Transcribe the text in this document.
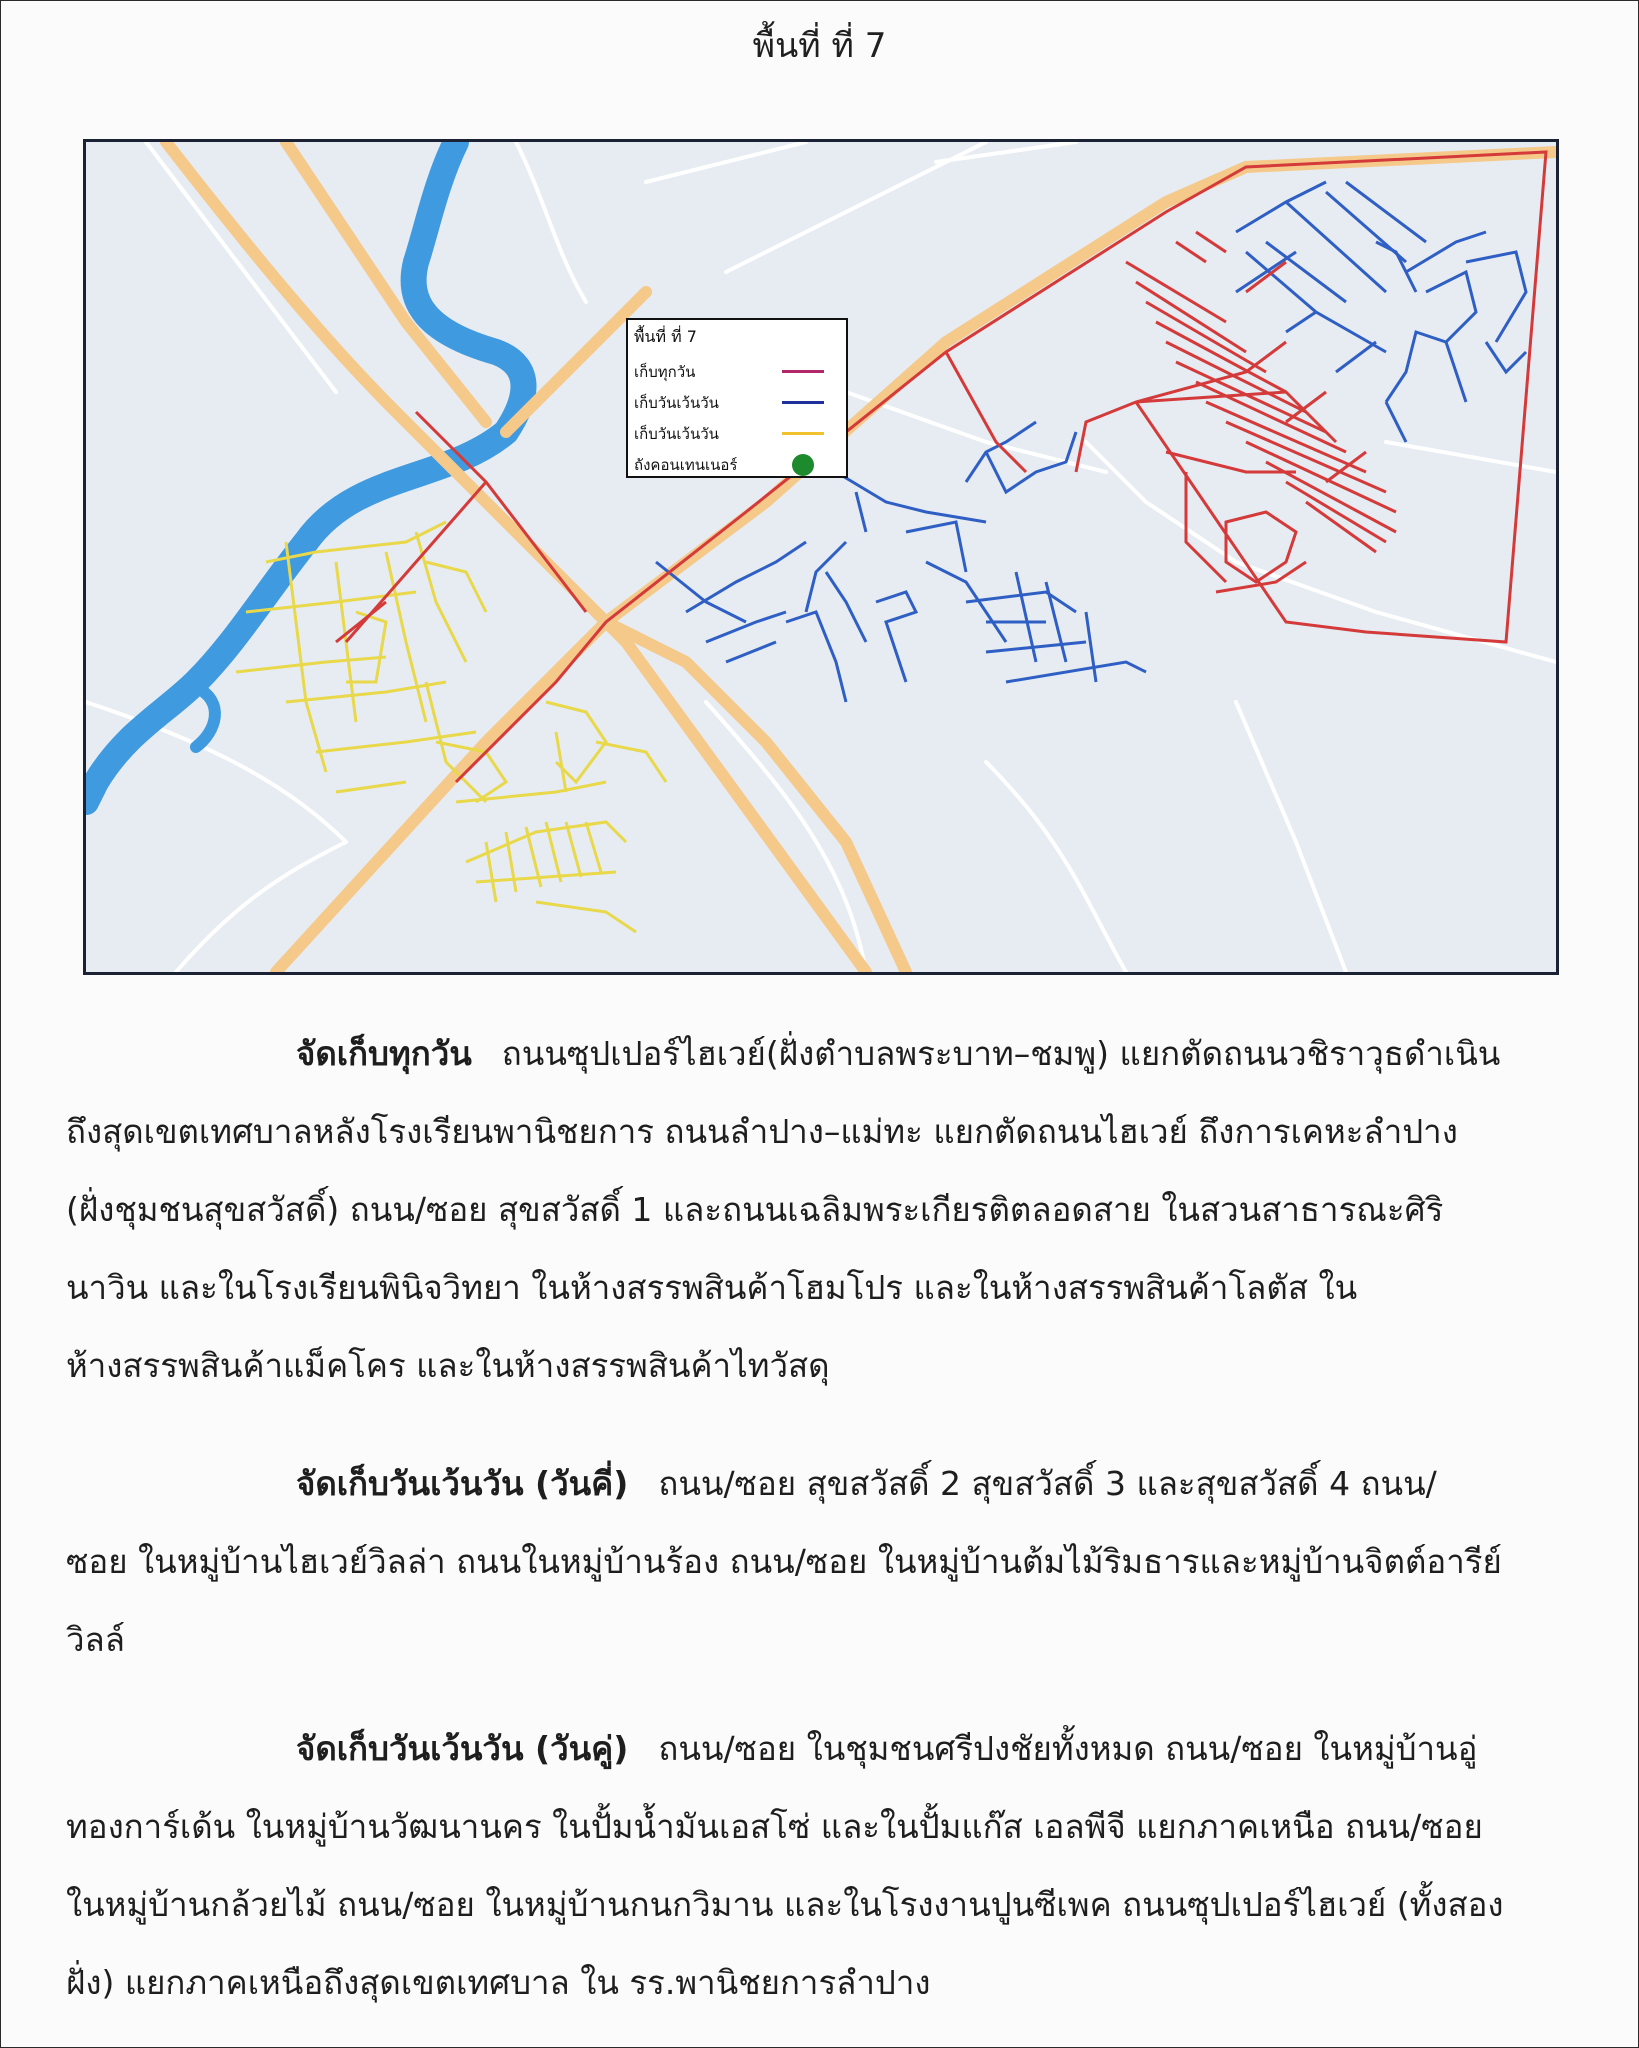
พื้นที่ ที่ 7
พื้นที่ ที่ 7
เก็บทุกวัน
เก็บวันเว้นวัน
เก็บวันเว้นวัน
ถังคอนเทนเนอร์
จัดเก็บทุกวัน ถนนซุปเปอร์ไฮเวย์(ฝั่งตำบลพระบาท–ชมพู) แยกตัดถนนวชิราวุธดำเนิน
ถึงสุดเขตเทศบาลหลังโรงเรียนพานิชยการ ถนนลำปาง–แม่ทะ แยกตัดถนนไฮเวย์ ถึงการเคหะลำปาง
(ฝั่งชุมชนสุขสวัสดิ์) ถนน/ซอย สุขสวัสดิ์ 1 และถนนเฉลิมพระเกียรติตลอดสาย ในสวนสาธารณะศิริ
นาวิน และในโรงเรียนพินิจวิทยา ในห้างสรรพสินค้าโฮมโปร และในห้างสรรพสินค้าโลตัส ใน
ห้างสรรพสินค้าแม็คโคร และในห้างสรรพสินค้าไทวัสดุ
จัดเก็บวันเว้นวัน (วันคี่) ถนน/ซอย สุขสวัสดิ์ 2 สุขสวัสดิ์ 3 และสุขสวัสดิ์ 4 ถนน/
ซอย ในหมู่บ้านไฮเวย์วิลล่า ถนนในหมู่บ้านร้อง ถนน/ซอย ในหมู่บ้านต้มไม้ริมธารและหมู่บ้านจิตต์อารีย์
วิลล์
จัดเก็บวันเว้นวัน (วันคู่) ถนน/ซอย ในชุมชนศรีปงชัยทั้งหมด ถนน/ซอย ในหมู่บ้านอู่
ทองการ์เด้น ในหมู่บ้านวัฒนานคร ในปั้มน้ำมันเอสโซ่ และในปั้มแก๊ส เอลพีจี แยกภาคเหนือ ถนน/ซอย
ในหมู่บ้านกล้วยไม้ ถนน/ซอย ในหมู่บ้านกนกวิมาน และในโรงงานปูนซีเพค ถนนซุปเปอร์ไฮเวย์ (ทั้งสอง
ฝั่ง) แยกภาคเหนือถึงสุดเขตเทศบาล ใน รร.พานิชยการลำปาง
